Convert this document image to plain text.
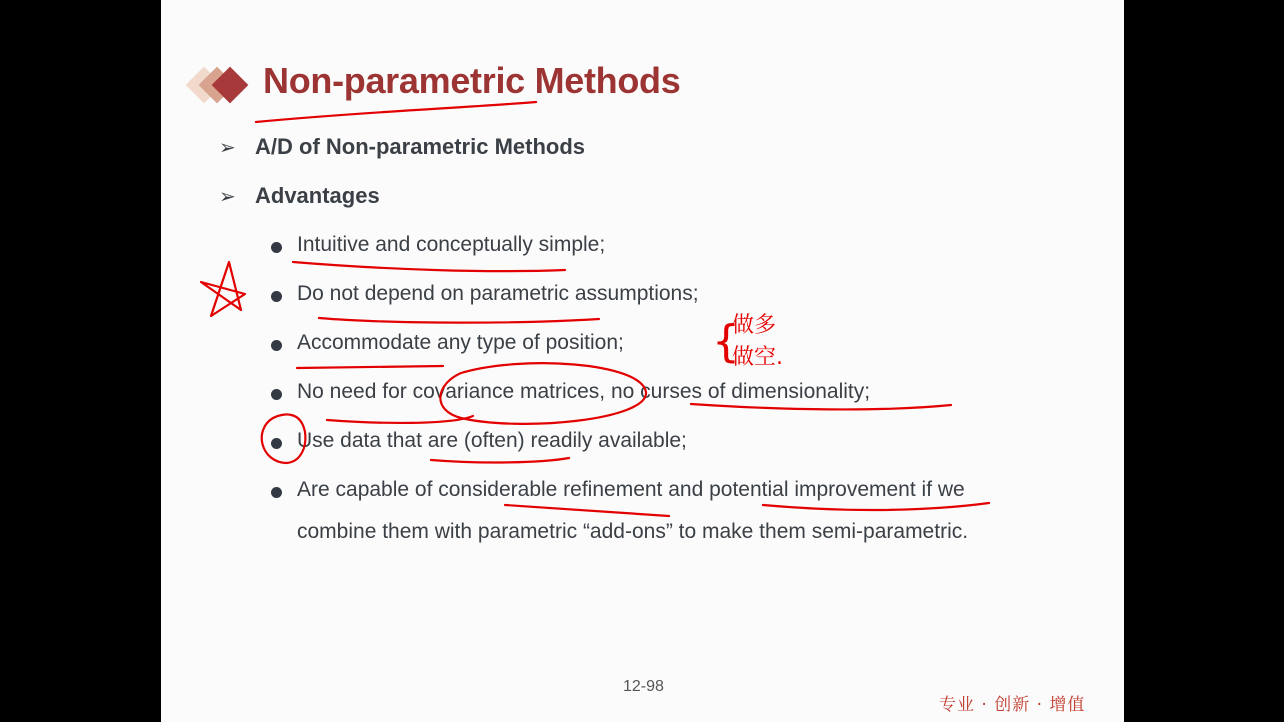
Non-parametric Methods
➢ A/D of Non-parametric Methods
➢ Advantages
Intuitive and conceptually simple;
Do not depend on parametric assumptions;
Accommodate any type of position;
No need for covariance matrices, no curses of dimensionality;
Use data that are (often) readily available;
Are capable of considerable refinement and potential improvement if we combine them with parametric “add-ons” to make them semi-parametric.
{
做多
做空.
12-98
专业 · 创新 · 增值
